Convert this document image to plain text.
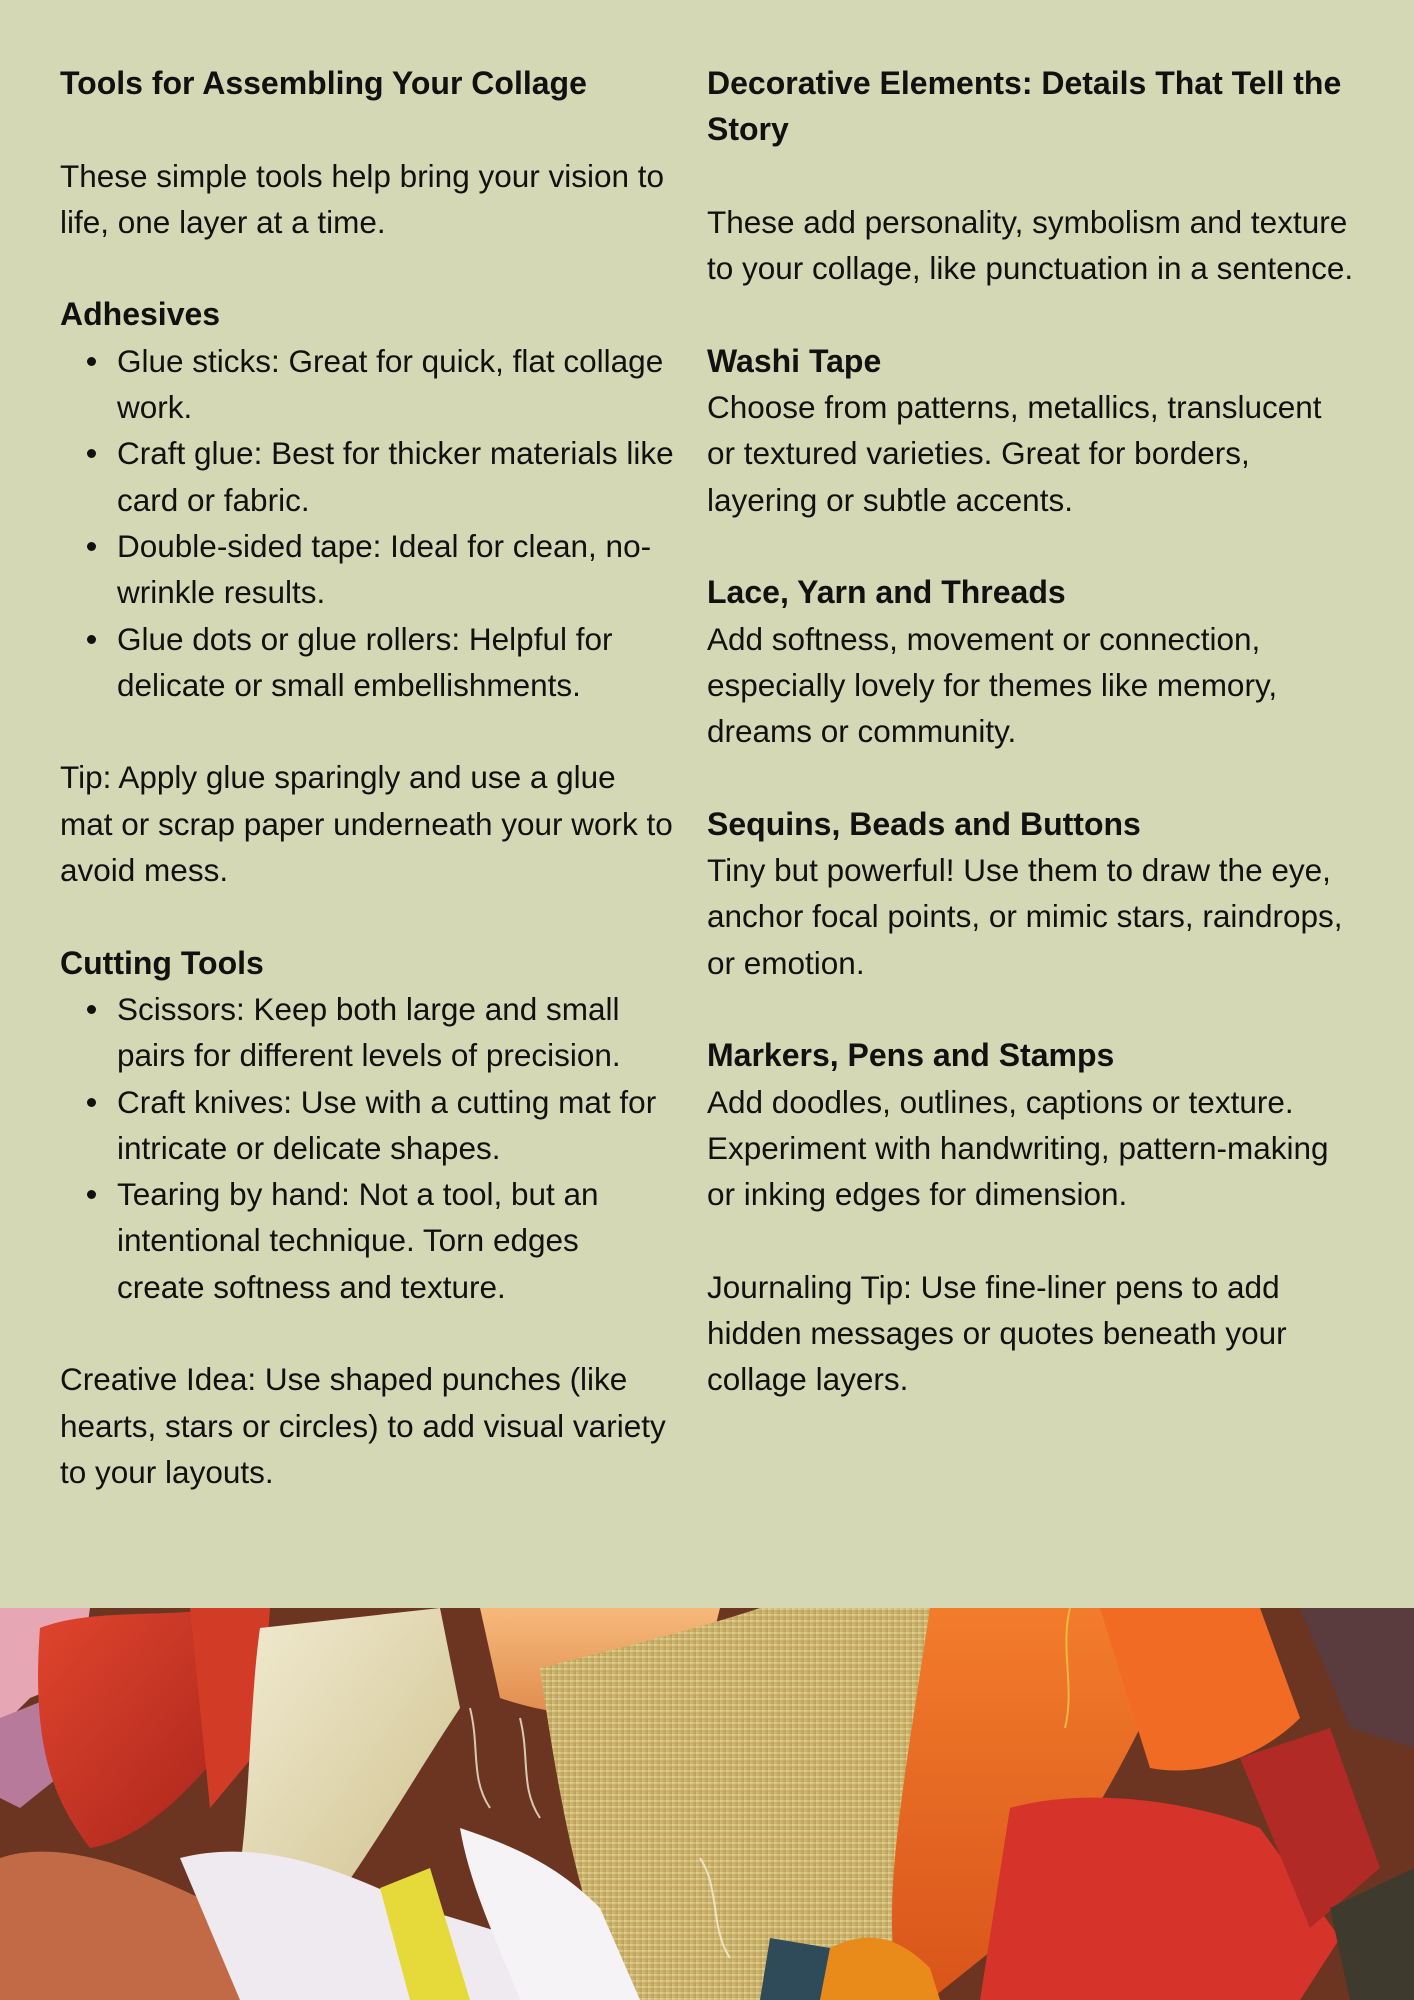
Tools for Assembling Your Collage

These simple tools help bring your vision to life, one layer at a time.

Adhesives
Glue sticks: Great for quick, flat collage work.
Craft glue: Best for thicker materials like card or fabric.
Double-sided tape: Ideal for clean, no-wrinkle results.
Glue dots or glue rollers: Helpful for delicate or small embellishments.

Tip: Apply glue sparingly and use a glue mat or scrap paper underneath your work to avoid mess.

Cutting Tools
Scissors: Keep both large and small pairs for different levels of precision.
Craft knives: Use with a cutting mat for intricate or delicate shapes.
Tearing by hand: Not a tool, but an intentional technique. Torn edges create softness and texture.

Creative Idea: Use shaped punches (like hearts, stars or circles) to add visual variety to your layouts.

Decorative Elements: Details That Tell the Story

These add personality, symbolism and texture to your collage, like punctuation in a sentence.

Washi Tape

Choose from patterns, metallics, translucent or textured varieties. Great for borders, layering or subtle accents.

Lace, Yarn and Threads

Add softness, movement or connection, especially lovely for themes like memory, dreams or community.

Sequins, Beads and Buttons

Tiny but powerful! Use them to draw the eye, anchor focal points, or mimic stars, raindrops, or emotion.

Markers, Pens and Stamps

Add doodles, outlines, captions or texture. Experiment with handwriting, pattern-making or inking edges for dimension.

Journaling Tip: Use fine-liner pens to add hidden messages or quotes beneath your collage layers.
